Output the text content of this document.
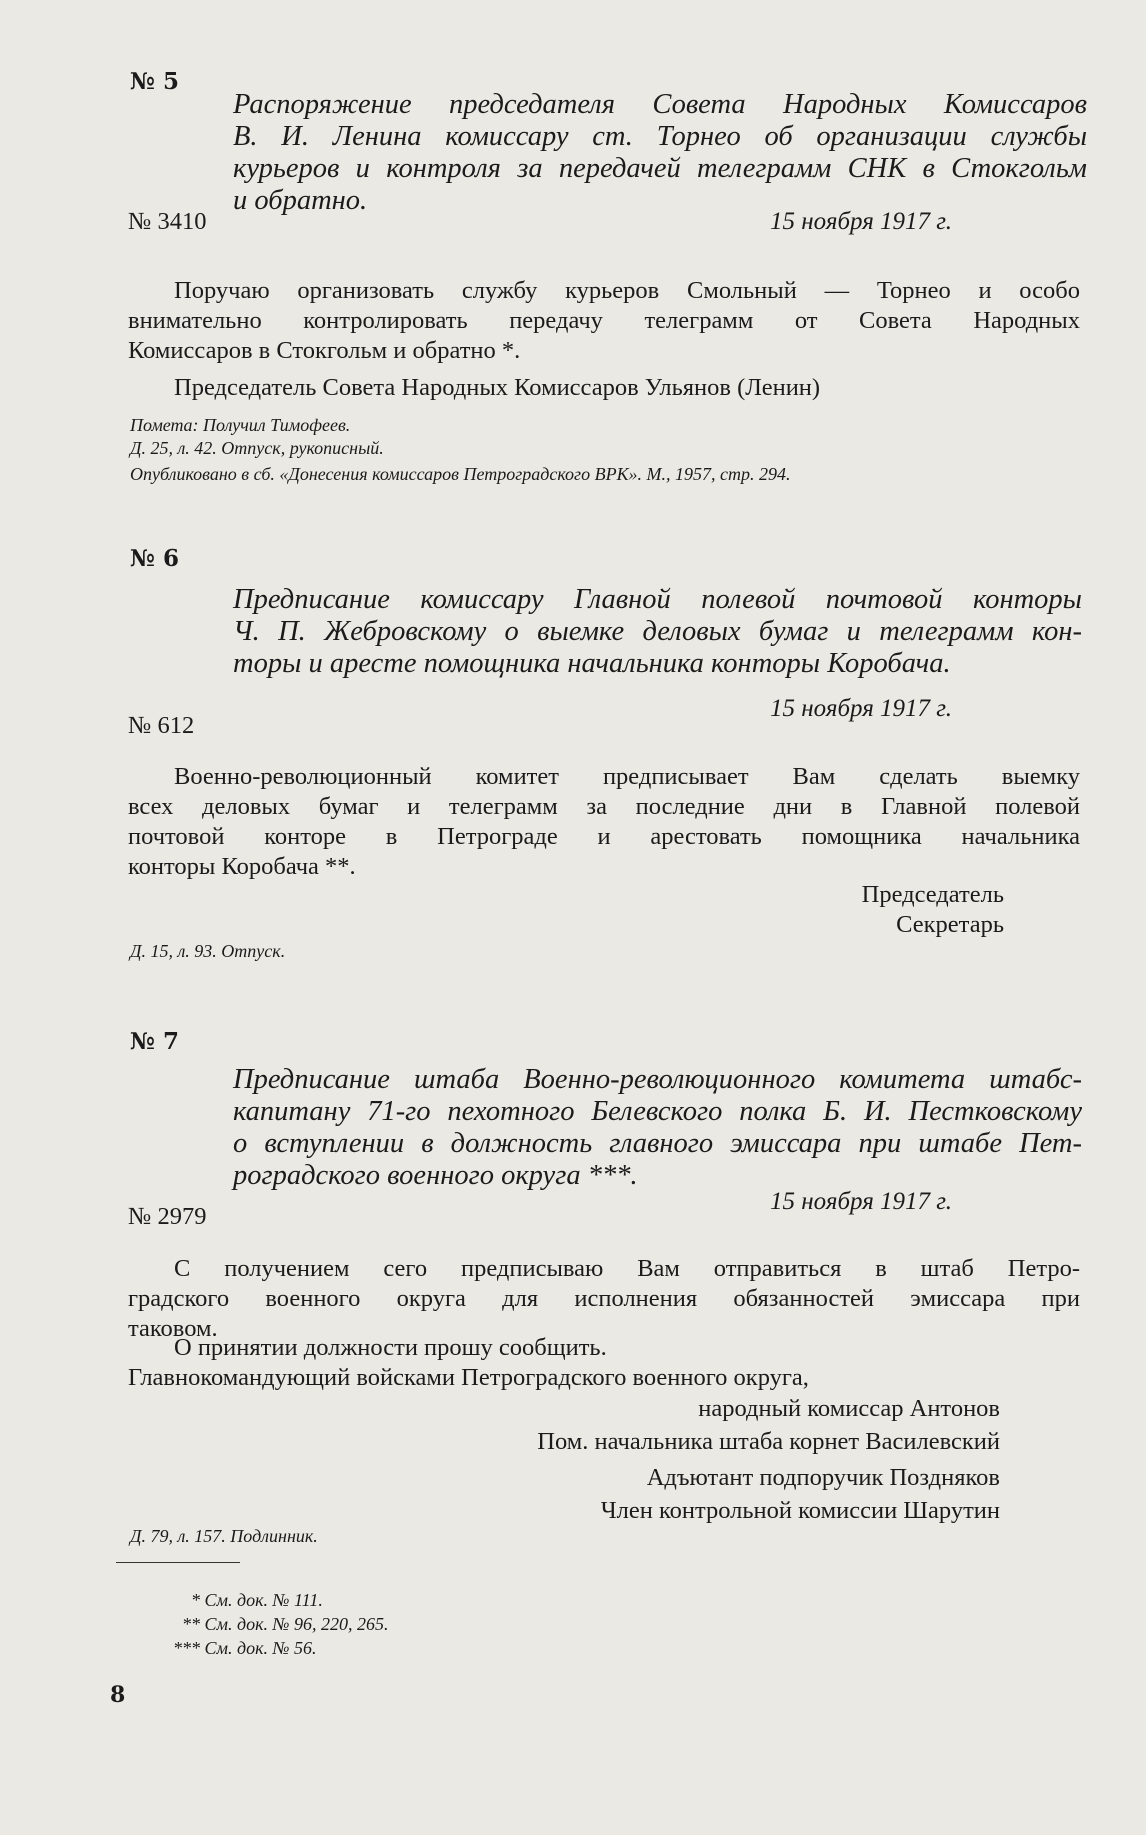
№ 5
Распоряжение председателя Совета Народных Комиссаров
В. И. Ленина комиссару ст. Торнео об организации службы
курьеров и контроля за передачей телеграмм СНК в Стокгольм
и обратно.
№ 3410	15 ноября 1917 г.
Поручаю организовать службу курьеров Смольный — Торнео и особо
внимательно контролировать передачу телеграмм от Совета Народных
Комиссаров в Стокгольм и обратно *.
Председатель Совета Народных Комиссаров Ульянов (Ленин)
Пометa: Получил Тимофеев.
Д. 25, л. 42. Отпуск, рукописный.
Опубликовано в сб. «Донесения комиссаров Петроградского ВРК». М., 1957, стр. 294.
№ 6
Предписание комиссару Главной полевой почтовой конторы
Ч. П. Жебровскому о выемке деловых бумаг и телеграмм кон-
торы и аресте помощника начальника конторы Коробача.
15 ноября 1917 г.
№ 612
Военно-революционный комитет предписывает Вам сделать выемку
всех деловых бумаг и телеграмм за последние дни в Главной полевой
почтовой конторе в Петрограде и арестовать помощника начальника
конторы Коробача **.
Председатель
Секретарь
Д. 15, л. 93. Отпуск.
№ 7
Предписание штаба Военно-революционного комитета штабс-
капитану 71-го пехотного Белевского полка Б. И. Пестковскому
о вступлении в должность главного эмиссара при штабе Пет-
роградского военного округа ***.
№ 2979
15 ноября 1917 г.
С получением сего предписываю Вам отправиться в штаб Петро-
градского военного округа для исполнения обязанностей эмиссара при
таковом.
О принятии должности прошу сообщить.
Главнокомандующий войсками Петроградского военного округа,
народный комиссар Антонов
Пом. начальника штаба корнет Василевский
Адъютант подпоручик Поздняков
Член контрольной комиссии Шарутин
Д. 79, л. 157. Подлинник.
* См. док. № 111.
** См. док. № 96, 220, 265.
*** См. док. № 56.
8
